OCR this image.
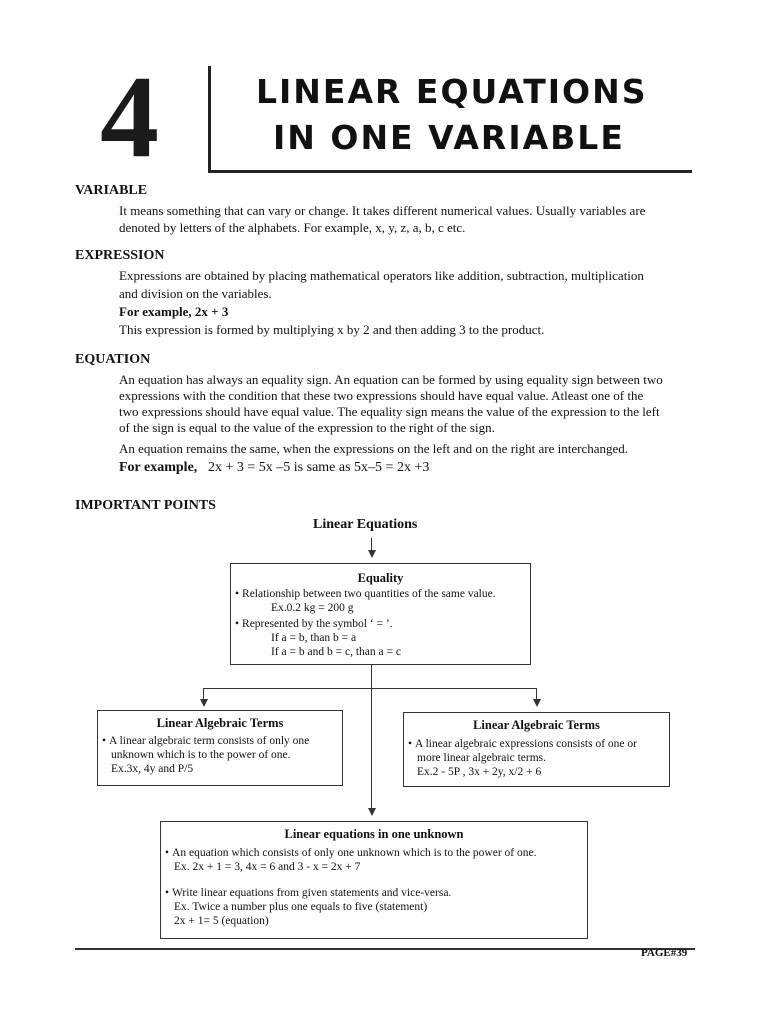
4	LINEAR EQUATIONS
IN ONE VARIABLE
VARIABLE
It means something that can vary or change. It takes different numerical values. Usually variables are
denoted by letters of the alphabets. For example, x, y, z, a, b, c etc.
EXPRESSION
Expressions are obtained by placing mathematical operators like addition, subtraction, multiplication
and division on the variables.
For example, 2x + 3
This expression is formed by multiplying x by 2 and then adding 3 to the product.
EQUATION
An equation has always an equality sign. An equation can be formed by using equality sign between two
expressions with the condition that these two expressions should have equal value. Atleast one of the
two expressions should have equal value. The equality sign means the value of the expression to the left
of the sign is equal to the value of the expression to the right of the sign.
An equation remains the same, when the expressions on the left and on the right are interchanged.
For example, 2x + 3 = 5x –5 is same as 5x–5 = 2x +3
IMPORTANT POINTS
Linear Equations
Equality
• Relationship between two quantities of the same value.
Ex.0.2 kg = 200 g
• Represented by the symbol ‘ = ’.
If a = b, than b = a
If a = b and b = c, than a = c
Linear Algebraic Terms
• A linear algebraic term consists of only one
unknown which is to the power of one.
Ex.3x, 4y and P/5
Linear Algebraic Terms
• A linear algebraic expressions consists of one or
more linear algebraic terms.
Ex.2 - 5P , 3x + 2y, x/2 + 6
Linear equations in one unknown
• An equation which consists of only one unknown which is to the power of one.
Ex. 2x + 1 = 3, 4x = 6 and 3 - x = 2x + 7
• Write linear equations from given statements and vice-versa.
Ex. Twice a number plus one equals to five (statement)
2x + 1= 5 (equation)
PAGE#39
